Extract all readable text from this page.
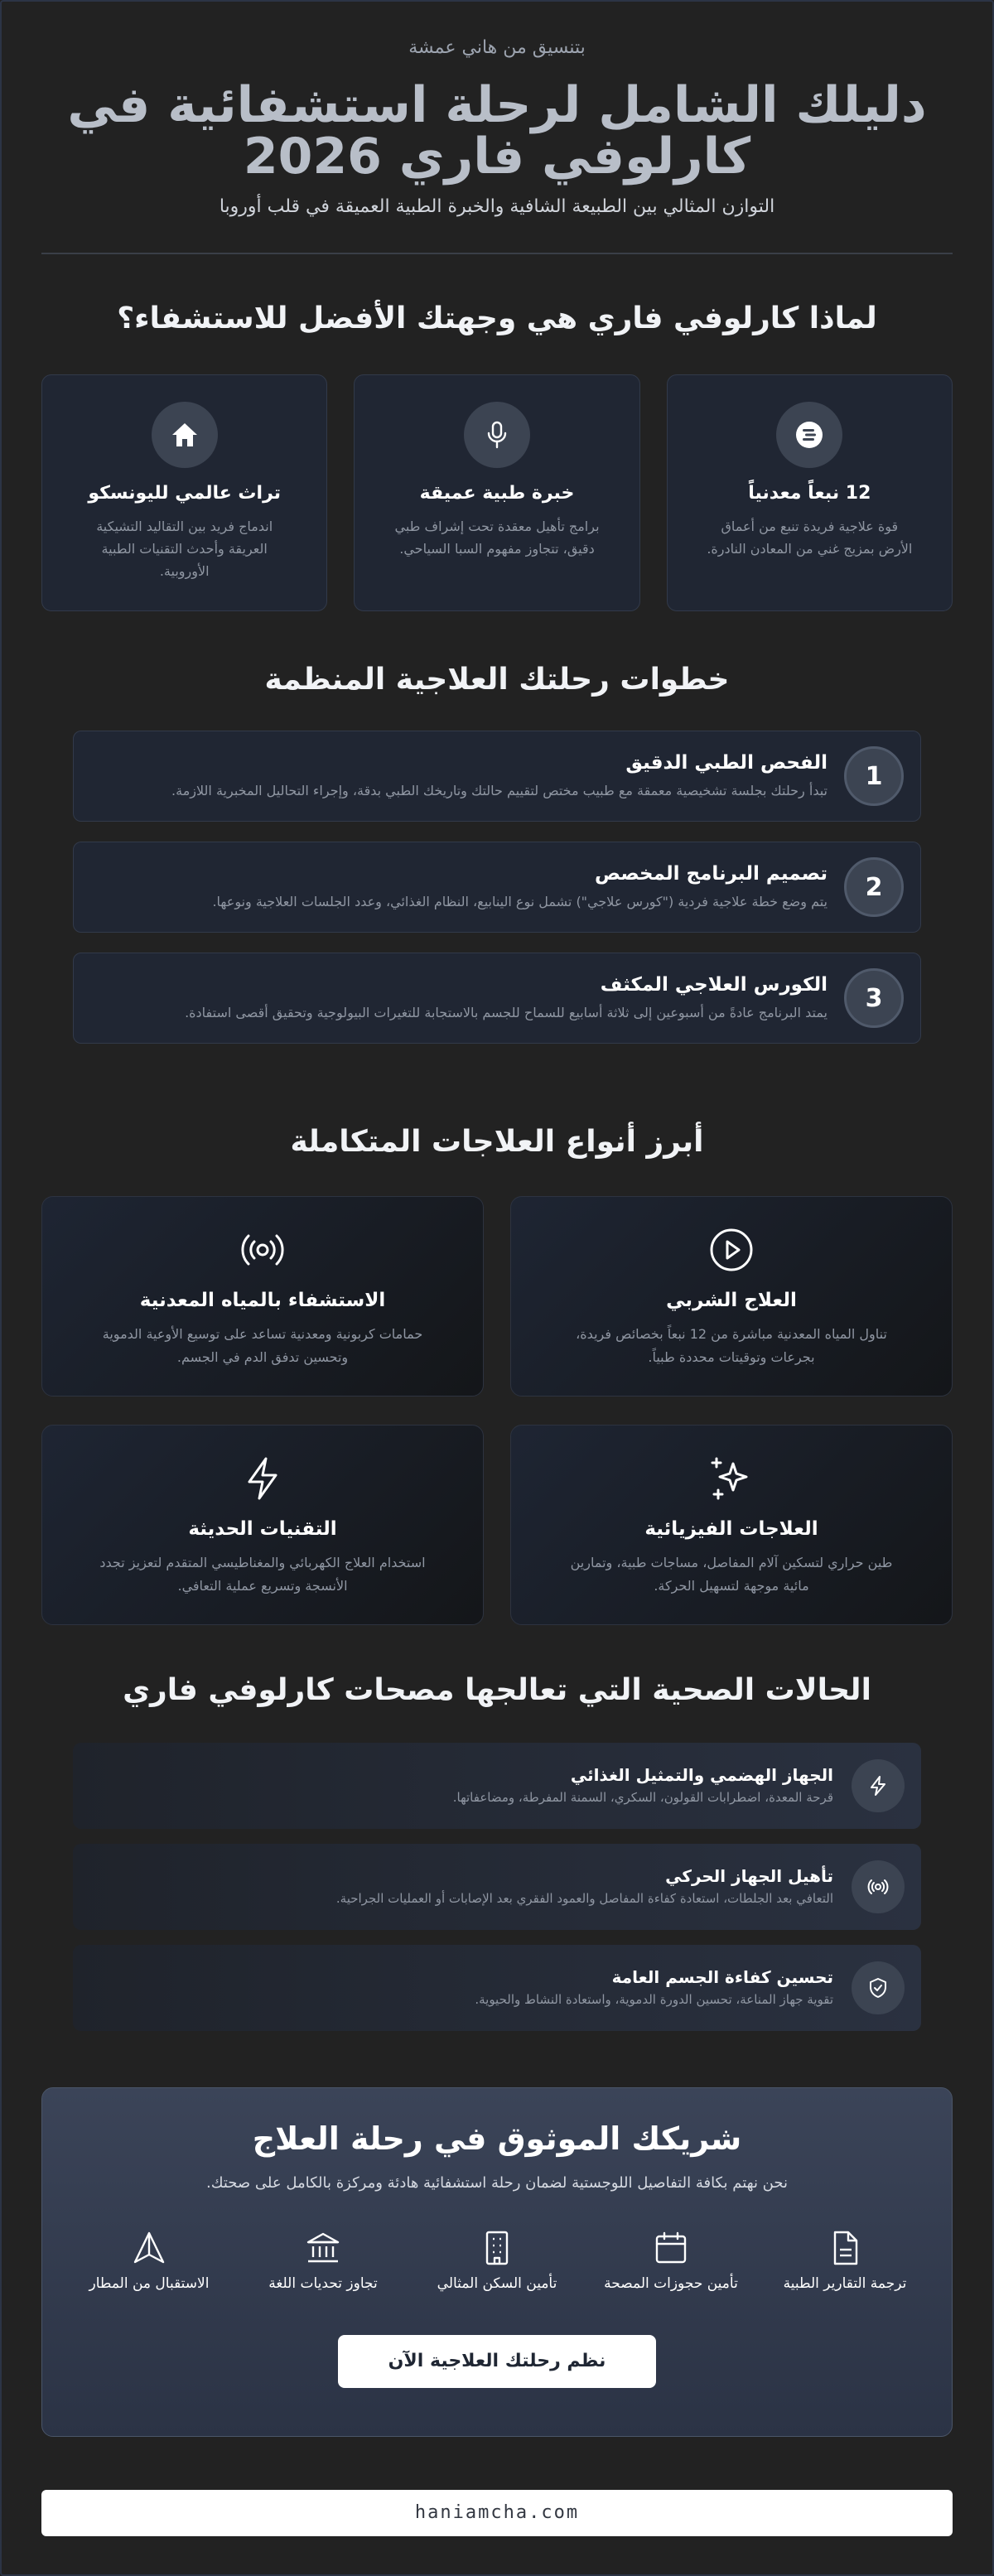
بتنسيق من هاني عمشة
دليلك الشامل لرحلة استشفائية في
كارلوفي فاري 2026
التوازن المثالي بين الطبيعة الشافية والخبرة الطبية العميقة في قلب أوروبا
لماذا كارلوفي فاري هي وجهتك الأفضل للاستشفاء؟
12 نبعاً معدنياً
قوة علاجية فريدة تنبع من أعماق الأرض بمزيج غني من المعادن النادرة.
خبرة طبية عميقة
برامج تأهيل معقدة تحت إشراف طبي دقيق، تتجاوز مفهوم السبا السياحي.
تراث عالمي لليونسكو
اندماج فريد بين التقاليد التشيكية العريقة وأحدث التقنيات الطبية الأوروبية.
خطوات رحلتك العلاجية المنظمة
1
الفحص الطبي الدقيق
تبدأ رحلتك بجلسة تشخيصية معمقة مع طبيب مختص لتقييم حالتك وتاريخك الطبي بدقة، وإجراء التحاليل المخبرية اللازمة.
2
تصميم البرنامج المخصص
يتم وضع خطة علاجية فردية ("كورس علاجي") تشمل نوع الينابيع، النظام الغذائي، وعدد الجلسات العلاجية ونوعها.
3
الكورس العلاجي المكثف
يمتد البرنامج عادةً من أسبوعين إلى ثلاثة أسابيع للسماح للجسم بالاستجابة للتغيرات البيولوجية وتحقيق أقصى استفادة.
أبرز أنواع العلاجات المتكاملة
العلاج الشربي
تناول المياه المعدنية مباشرة من 12 نبعاً بخصائص فريدة، بجرعات وتوقيتات محددة طبياً.
الاستشفاء بالمياه المعدنية
حمامات كربونية ومعدنية تساعد على توسيع الأوعية الدموية وتحسين تدفق الدم في الجسم.
العلاجات الفيزيائية
طين حراري لتسكين آلام المفاصل، مساجات طبية، وتمارين مائية موجهة لتسهيل الحركة.
التقنيات الحديثة
استخدام العلاج الكهربائي والمغناطيسي المتقدم لتعزيز تجدد الأنسجة وتسريع عملية التعافي.
الحالات الصحية التي تعالجها مصحات كارلوفي فاري
الجهاز الهضمي والتمثيل الغذائي
قرحة المعدة، اضطرابات القولون، السكري، السمنة المفرطة، ومضاعفاتها.
تأهيل الجهاز الحركي
التعافي بعد الجلطات، استعادة كفاءة المفاصل والعمود الفقري بعد الإصابات أو العمليات الجراحية.
تحسين كفاءة الجسم العامة
تقوية جهاز المناعة، تحسين الدورة الدموية، واستعادة النشاط والحيوية.
شريكك الموثوق في رحلة العلاج
نحن نهتم بكافة التفاصيل اللوجستية لضمان رحلة استشفائية هادئة ومركزة بالكامل على صحتك.
ترجمة التقارير الطبية
تأمين حجوزات المصحة
تأمين السكن المثالي
تجاوز تحديات اللغة
الاستقبال من المطار
نظم رحلتك العلاجية الآن
haniamcha.com
